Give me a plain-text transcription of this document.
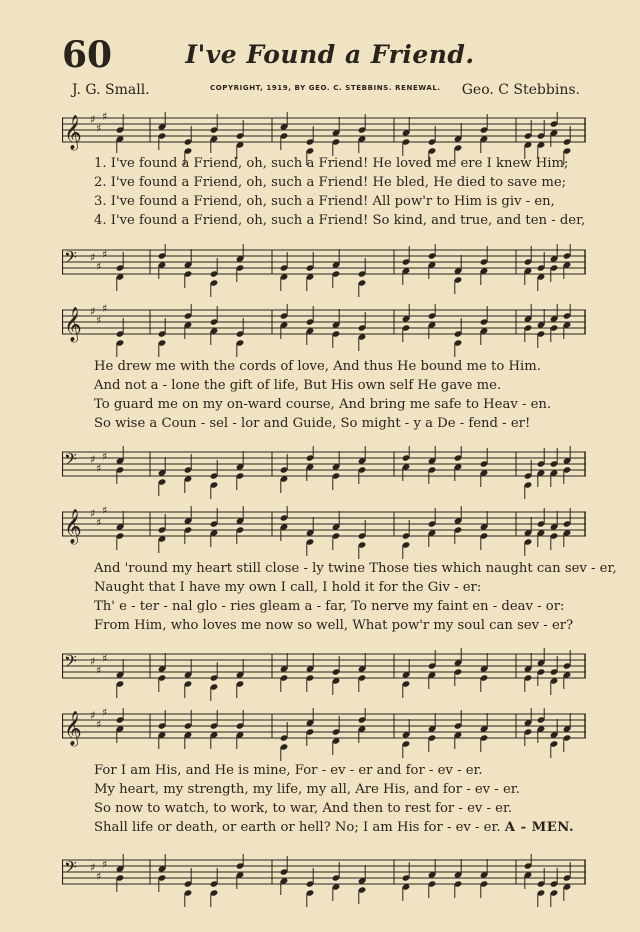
60	I've Found a Friend.
J. G. Small.	COPYRIGHT, 1919, BY GEO. C. STEBBINS. RENEWAL. Geo. C Stebbins.
𝄞 ♯
♯
♯
1. I've found a Friend, oh, such a Friend! He loved me ere I knew Him;
2. I've found a Friend, oh, such a Friend! He bled, He died to save me;
3. I've found a Friend, oh, such a Friend! All pow'r to Him is giv - en,
4. I've found a Friend, oh, such a Friend! So kind, and true, and ten - der,
𝄢 ♯
♯
♯
𝄞 ♯
♯
♯
He drew me with the cords of love, And thus He bound me to Him.
And not a - lone the gift of life, But His own self He gave me.
To guard me on my on-ward course, And bring me safe to Heav - en.
So wise a Coun - sel - lor and Guide, So might - y a De - fend - er!
𝄢 ♯
♯
♯
𝄞 ♯
♯
♯
And 'round my heart still close - ly twine Those ties which naught can sev - er,
Naught that I have my own I call, I hold it for the Giv - er:
Th' e - ter - nal glo - ries gleam a - far, To nerve my faint en - deav - or:
From Him, who loves me now so well, What pow'r my soul can sev - er?
𝄢 ♯
♯
♯
𝄞 ♯
♯
♯
For I am His, and He is mine, For - ev - er and for - ev - er.
My heart, my strength, my life, my all, Are His, and for - ev - er.
So now to watch, to work, to war, And then to rest for - ev - er.
Shall life or death, or earth or hell? No; I am His for - ev - er. A - MEN.
𝄢 ♯
♯
♯
